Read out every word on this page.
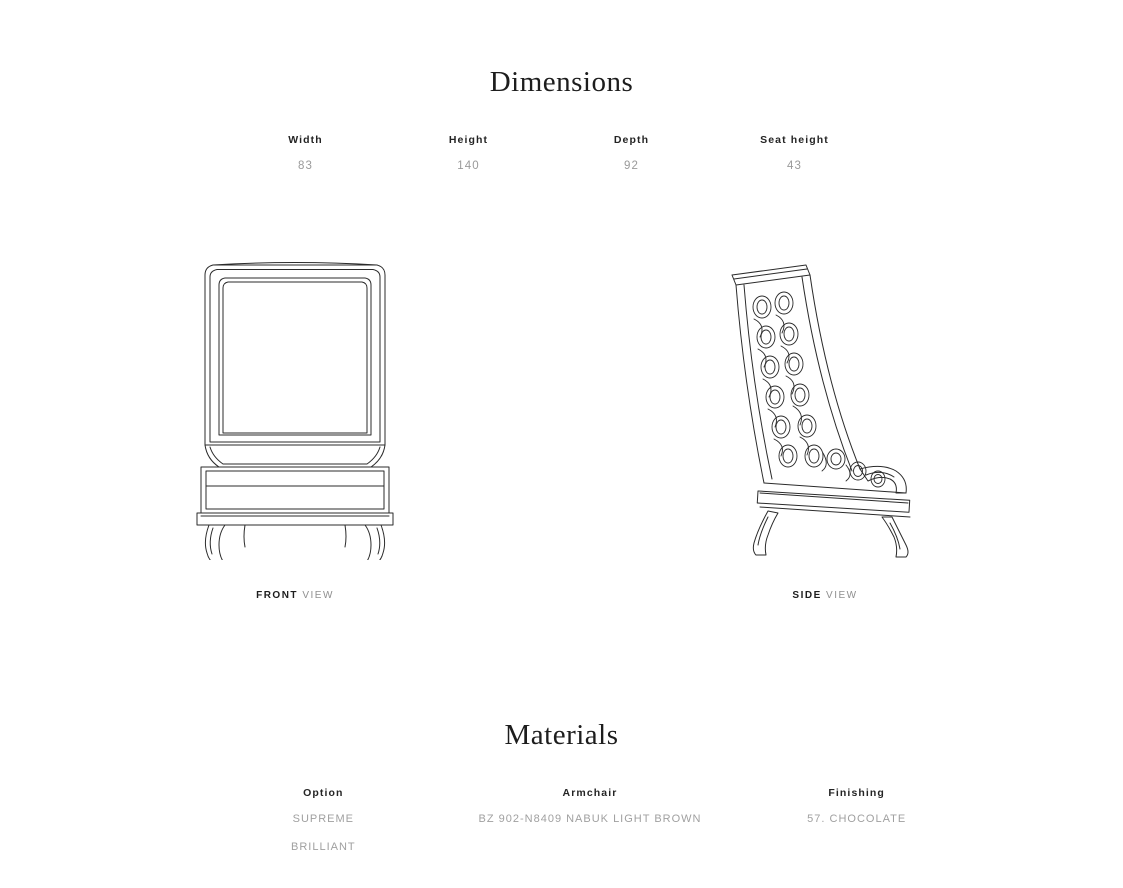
Dimensions
Width
83
Height
140
Depth
92
Seat height
43
FRONT VIEW	SIDE VIEW
Materials
Option
SUPREME
BRILLIANT
Armchair
BZ 902-N8409 NABUK LIGHT BROWN
Finishing
57. CHOCOLATE
